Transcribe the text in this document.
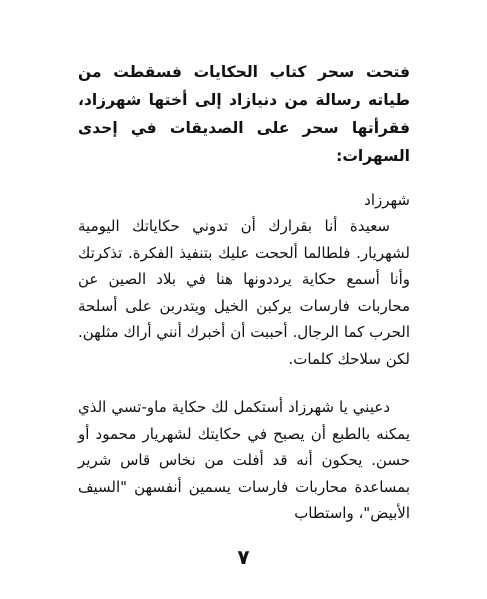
فتحت سحر كتاب الحكايات فسقطت من طياته رسالة من دنيازاد إلى أختها شهرزاد، فقرأتها سحر على الصديقات في إحدى السهرات:

شهرزاد

سعيدة أنا بقرارك أن تدوني حكاياتك اليومية لشهريار. فلطالما ألححت عليك بتنفيذ الفكرة. تذكرتك وأنا أسمع حكاية يرددونها هنا في بلاد الصين عن محاربات فارسات يركبن الخيل ويتدربن على أسلحة الحرب كما الرجال. أحببت أن أخبرك أنني أراك مثلهن. لكن سلاحك كلمات.

دعيني يا شهرزاد أستكمل لك حكاية ماو-تسي الذي يمكنه بالطبع أن يصبح في حكايتك لشهريار محمود أو حسن. يحكون أنه قد أفلت من نخاس قاس شرير بمساعدة محاربات فارسات يسمين أنفسهن "السيف الأبيض"، واستطاب

٧
